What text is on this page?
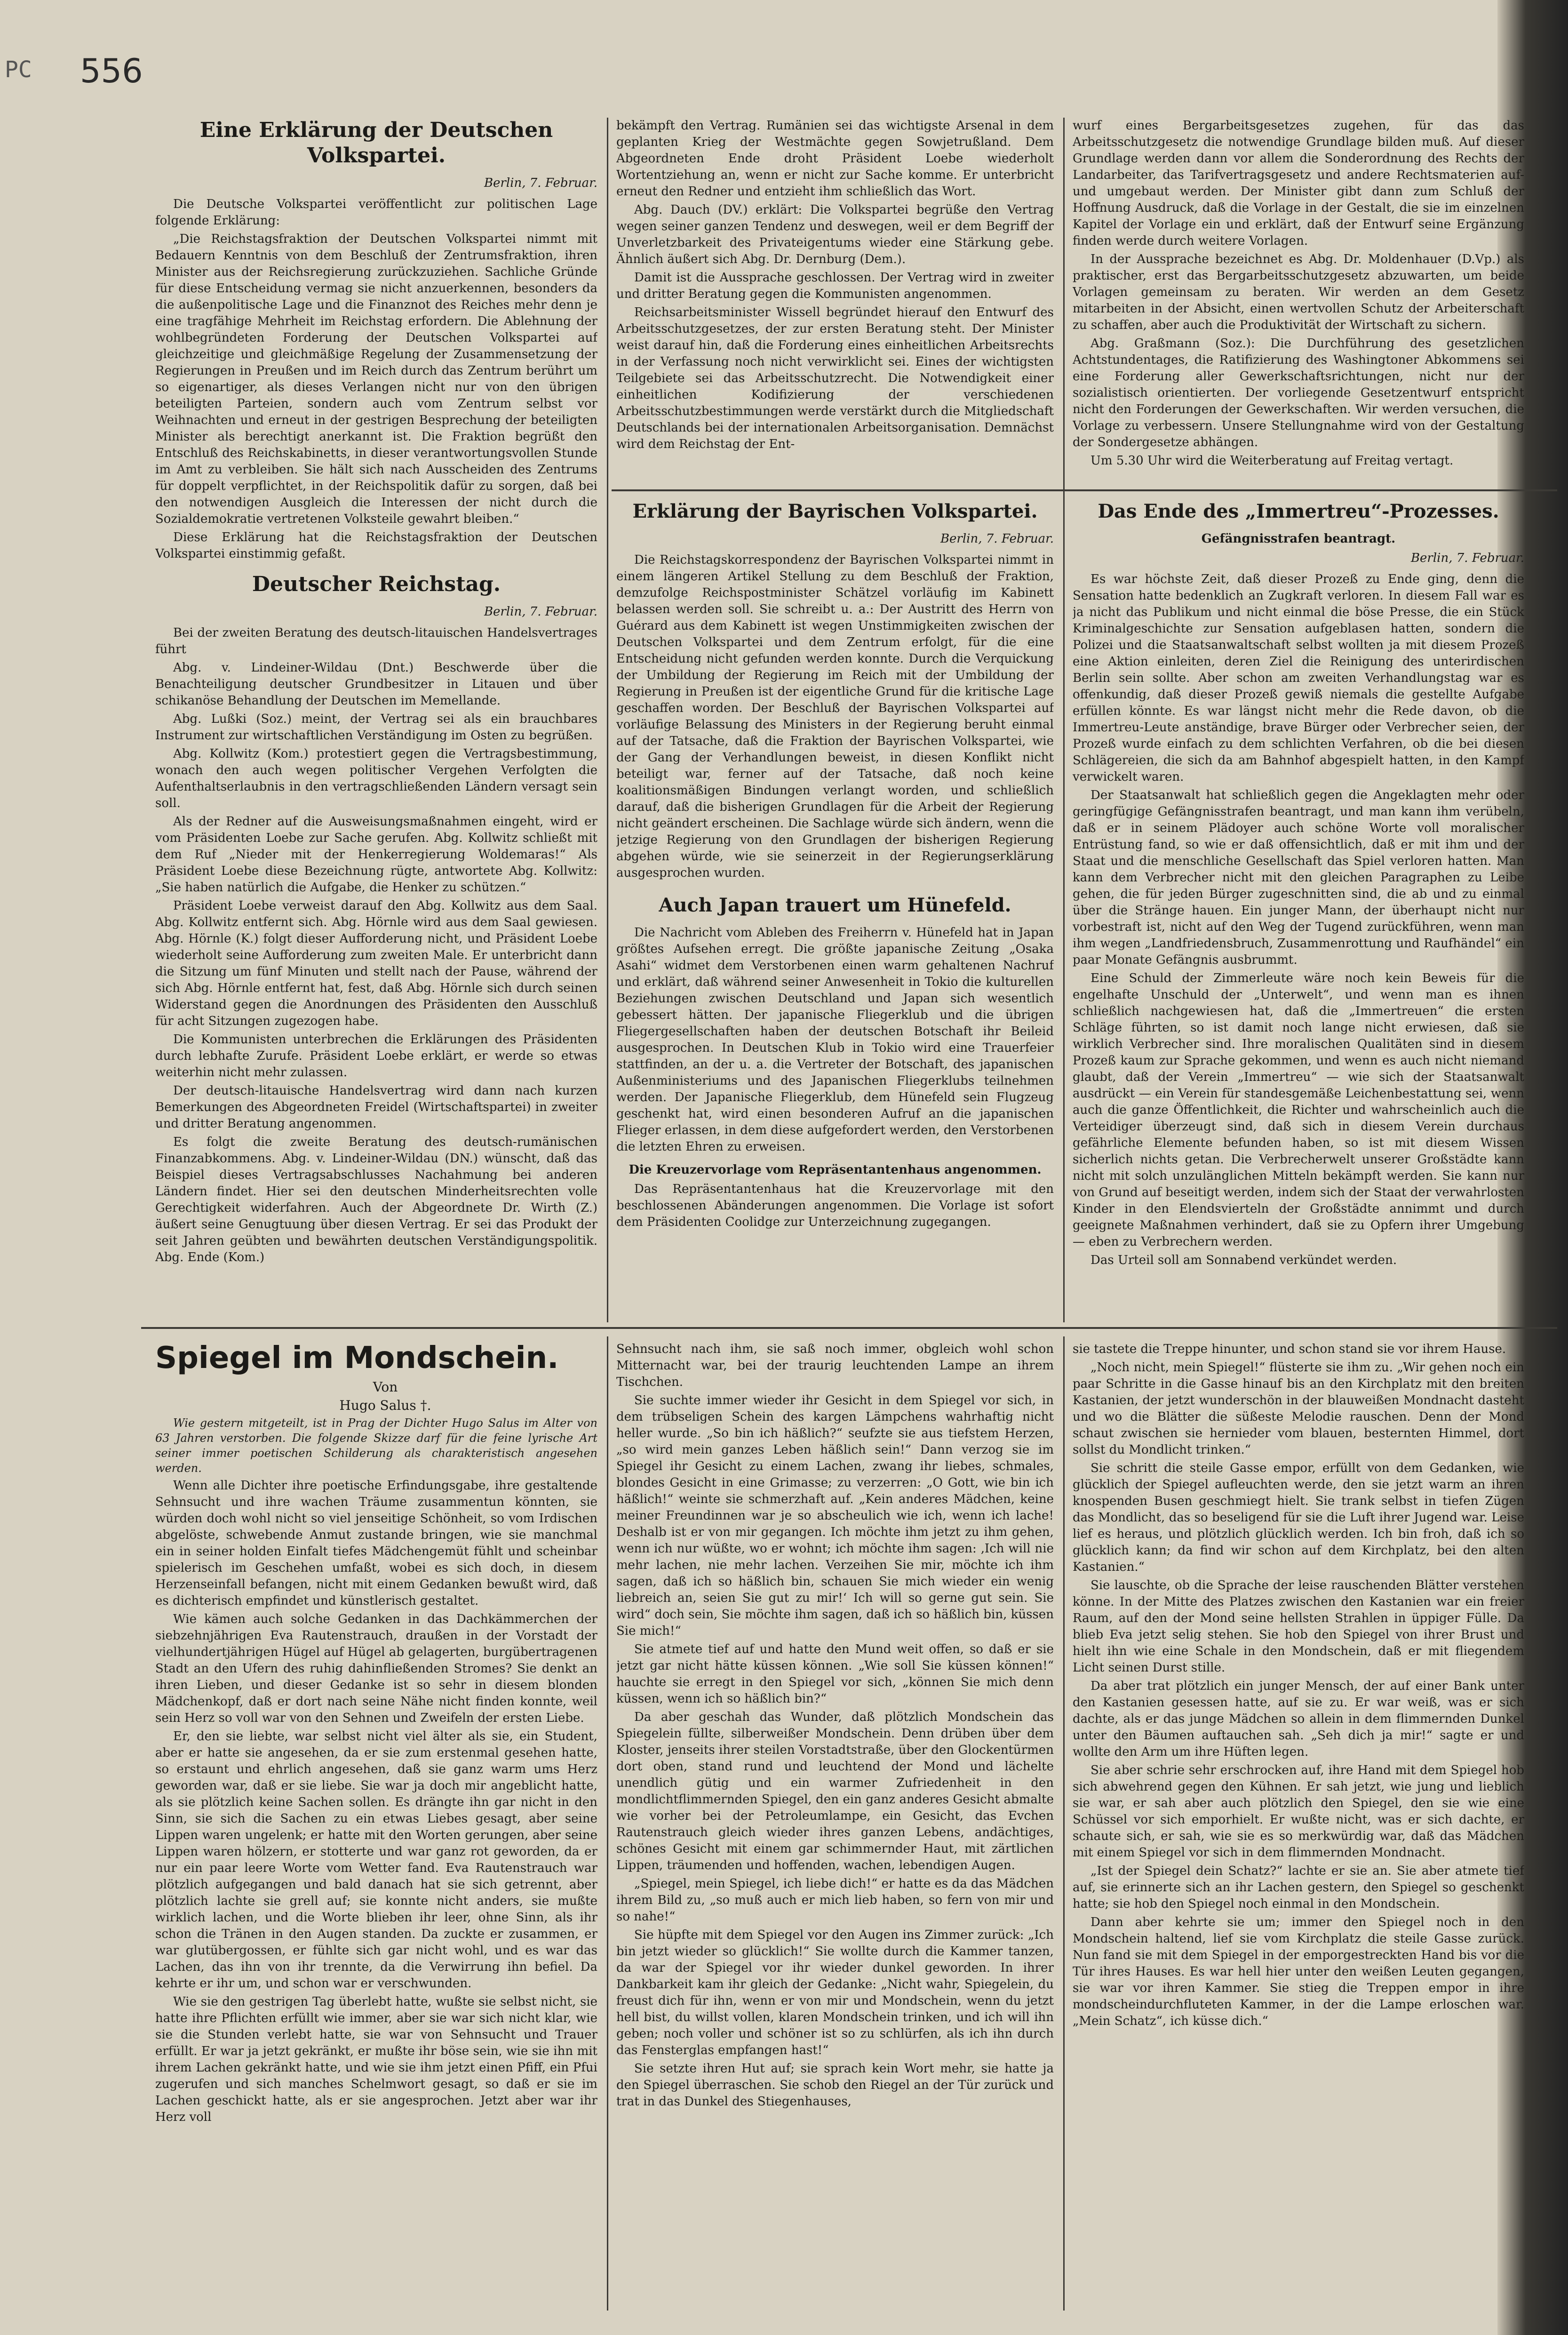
PC 556
Eine Erklärung der Deutschen Volkspartei.
Berlin, 7. Februar.

Die Deutsche Volkspartei veröffentlicht zur politischen Lage folgende Erklärung:

„Die Reichstagsfraktion der Deutschen Volkspartei nimmt mit Bedauern Kenntnis von dem Beschluß der Zentrumsfraktion, ihren Minister aus der Reichsregierung zurückzuziehen. Sachliche Gründe für diese Entscheidung vermag sie nicht anzuerkennen, besonders da die außenpolitische Lage und die Finanznot des Reiches mehr denn je eine tragfähige Mehrheit im Reichstag erfordern. Die Ablehnung der wohlbegründeten Forderung der Deutschen Volkspartei auf gleichzeitige und gleichmäßige Regelung der Zusammensetzung der Regierungen in Preußen und im Reich durch das Zentrum berührt um so eigenartiger, als dieses Verlangen nicht nur von den übrigen beteiligten Parteien, sondern auch vom Zentrum selbst vor Weihnachten und erneut in der gestrigen Besprechung der beteiligten Minister als berechtigt anerkannt ist. Die Fraktion begrüßt den Entschluß des Reichskabinetts, in dieser verantwortungsvollen Stunde im Amt zu verbleiben. Sie hält sich nach Ausscheiden des Zentrums für doppelt verpflichtet, in der Reichspolitik dafür zu sorgen, daß bei den notwendigen Ausgleich die Interessen der nicht durch die Sozialdemokratie vertretenen Volksteile gewahrt bleiben.“

Diese Erklärung hat die Reichstagsfraktion der Deutschen Volkspartei einstimmig gefaßt.

Deutscher Reichstag.
Berlin, 7. Februar.

Bei der zweiten Beratung des deutsch-litauischen Handelsvertrages führt

Abg. v. Lindeiner-Wildau (Dnt.) Beschwerde über die Benachteiligung deutscher Grundbesitzer in Litauen und über schikanöse Behandlung der Deutschen im Memellande.

Abg. Lußki (Soz.) meint, der Vertrag sei als ein brauchbares Instrument zur wirtschaftlichen Verständigung im Osten zu begrüßen.

Abg. Kollwitz (Kom.) protestiert gegen die Vertragsbestimmung, wonach den auch wegen politischer Vergehen Verfolgten die Aufenthaltserlaubnis in den vertragschließenden Ländern versagt sein soll.

Als der Redner auf die Ausweisungsmaßnahmen eingeht, wird er vom Präsidenten Loebe zur Sache gerufen. Abg. Kollwitz schließt mit dem Ruf „Nieder mit der Henkerregierung Woldemaras!“ Als Präsident Loebe diese Bezeichnung rügte, antwortete Abg. Kollwitz: „Sie haben natürlich die Aufgabe, die Henker zu schützen.“

Präsident Loebe verweist darauf den Abg. Kollwitz aus dem Saal. Abg. Kollwitz entfernt sich. Abg. Hörnle wird aus dem Saal gewiesen. Abg. Hörnle (K.) folgt dieser Aufforderung nicht, und Präsident Loebe wiederholt seine Aufforderung zum zweiten Male. Er unterbricht dann die Sitzung um fünf Minuten und stellt nach der Pause, während der sich Abg. Hörnle entfernt hat, fest, daß Abg. Hörnle sich durch seinen Widerstand gegen die Anordnungen des Präsidenten den Ausschluß für acht Sitzungen zugezogen habe.

Die Kommunisten unterbrechen die Erklärungen des Präsidenten durch lebhafte Zurufe. Präsident Loebe erklärt, er werde so etwas weiterhin nicht mehr zulassen.

Der deutsch-litauische Handelsvertrag wird dann nach kurzen Bemerkungen des Abgeordneten Freidel (Wirtschaftspartei) in zweiter und dritter Beratung angenommen.

Es folgt die zweite Beratung des deutsch-rumänischen Finanzabkommens. Abg. v. Lindeiner-Wildau (DN.) wünscht, daß das Beispiel dieses Vertragsabschlusses Nachahmung bei anderen Ländern findet. Hier sei den deutschen Minderheitsrechten volle Gerechtigkeit widerfahren. Auch der Abgeordnete Dr. Wirth (Z.) äußert seine Genugtuung über diesen Vertrag. Er sei das Produkt der seit Jahren geübten und bewährten deutschen Verständigungspolitik. Abg. Ende (Kom.)

bekämpft den Vertrag. Rumänien sei das wichtigste Arsenal in dem geplanten Krieg der Westmächte gegen Sowjetrußland. Dem Abgeordneten Ende droht Präsident Loebe wiederholt Wortentziehung an, wenn er nicht zur Sache komme. Er unterbricht erneut den Redner und entzieht ihm schließlich das Wort.

Abg. Dauch (DV.) erklärt: Die Volkspartei begrüße den Vertrag wegen seiner ganzen Tendenz und deswegen, weil er dem Begriff der Unverletzbarkeit des Privateigentums wieder eine Stärkung gebe. Ähnlich äußert sich Abg. Dr. Dernburg (Dem.).

Damit ist die Aussprache geschlossen. Der Vertrag wird in zweiter und dritter Beratung gegen die Kommunisten angenommen.

Reichsarbeitsminister Wissell begründet hierauf den Entwurf des Arbeitsschutzgesetzes, der zur ersten Beratung steht. Der Minister weist darauf hin, daß die Forderung eines einheitlichen Arbeitsrechts in der Verfassung noch nicht verwirklicht sei. Eines der wichtigsten Teilgebiete sei das Arbeitsschutzrecht. Die Notwendigkeit einer einheitlichen Kodifizierung der verschiedenen Arbeitsschutzbestimmungen werde verstärkt durch die Mitgliedschaft Deutschlands bei der internationalen Arbeitsorganisation. Demnächst wird dem Reichstag der Ent-

wurf eines Bergarbeitsgesetzes zugehen, für das das Arbeitsschutzgesetz die notwendige Grundlage bilden muß. Auf dieser Grundlage werden dann vor allem die Sonderordnung des Rechts der Landarbeiter, das Tarifvertragsgesetz und andere Rechtsmaterien auf- und umgebaut werden. Der Minister gibt dann zum Schluß der Hoffnung Ausdruck, daß die Vorlage in der Gestalt, die sie im einzelnen Kapitel der Vorlage ein und erklärt, daß der Entwurf seine Ergänzung finden werde durch weitere Vorlagen.

In der Aussprache bezeichnet es Abg. Dr. Moldenhauer (D.Vp.) als praktischer, erst das Bergarbeitsschutzgesetz abzuwarten, um beide Vorlagen gemeinsam zu beraten. Wir werden an dem Gesetz mitarbeiten in der Absicht, einen wertvollen Schutz der Arbeiterschaft zu schaffen, aber auch die Produktivität der Wirtschaft zu sichern.

Abg. Graßmann (Soz.): Die Durchführung des gesetzlichen Achtstundentages, die Ratifizierung des Washingtoner Abkommens sei eine Forderung aller Gewerkschaftsrichtungen, nicht nur der sozialistisch orientierten. Der vorliegende Gesetzentwurf entspricht nicht den Forderungen der Gewerkschaften. Wir werden versuchen, die Vorlage zu verbessern. Unsere Stellungnahme wird von der Gestaltung der Sondergesetze abhängen.

Um 5.30 Uhr wird die Weiterberatung auf Freitag vertagt.

Erklärung der Bayrischen Volkspartei.
Berlin, 7. Februar.

Die Reichstagskorrespondenz der Bayrischen Volkspartei nimmt in einem längeren Artikel Stellung zu dem Beschluß der Fraktion, demzufolge Reichspostminister Schätzel vorläufig im Kabinett belassen werden soll. Sie schreibt u. a.: Der Austritt des Herrn von Guérard aus dem Kabinett ist wegen Unstimmigkeiten zwischen der Deutschen Volkspartei und dem Zentrum erfolgt, für die eine Entscheidung nicht gefunden werden konnte. Durch die Verquickung der Umbildung der Regierung im Reich mit der Umbildung der Regierung in Preußen ist der eigentliche Grund für die kritische Lage geschaffen worden. Der Beschluß der Bayrischen Volkspartei auf vorläufige Belassung des Ministers in der Regierung beruht einmal auf der Tatsache, daß die Fraktion der Bayrischen Volkspartei, wie der Gang der Verhandlungen beweist, in diesen Konflikt nicht beteiligt war, ferner auf der Tatsache, daß noch keine koalitionsmäßigen Bindungen verlangt worden, und schließlich darauf, daß die bisherigen Grundlagen für die Arbeit der Regierung nicht geändert erscheinen. Die Sachlage würde sich ändern, wenn die jetzige Regierung von den Grundlagen der bisherigen Regierung abgehen würde, wie sie seinerzeit in der Regierungserklärung ausgesprochen wurden.

Auch Japan trauert um Hünefeld.

Die Nachricht vom Ableben des Freiherrn v. Hünefeld hat in Japan größtes Aufsehen erregt. Die größte japanische Zeitung „Osaka Asahi“ widmet dem Verstorbenen einen warm gehaltenen Nachruf und erklärt, daß während seiner Anwesenheit in Tokio die kulturellen Beziehungen zwischen Deutschland und Japan sich wesentlich gebessert hätten. Der japanische Fliegerklub und die übrigen Fliegergesellschaften haben der deutschen Botschaft ihr Beileid ausgesprochen. In Deutschen Klub in Tokio wird eine Trauerfeier stattfinden, an der u. a. die Vertreter der Botschaft, des japanischen Außenministeriums und des Japanischen Fliegerklubs teilnehmen werden. Der Japanische Fliegerklub, dem Hünefeld sein Flugzeug geschenkt hat, wird einen besonderen Aufruf an die japanischen Flieger erlassen, in dem diese aufgefordert werden, den Verstorbenen die letzten Ehren zu erweisen.

Die Kreuzervorlage vom Repräsentantenhaus angenommen.

Das Repräsentantenhaus hat die Kreuzervorlage mit den beschlossenen Abänderungen angenommen. Die Vorlage ist sofort dem Präsidenten Coolidge zur Unterzeichnung zugegangen.

Das Ende des „Immertreu“-Prozesses.
Gefängnisstrafen beantragt.
Berlin, 7. Februar.

Es war höchste Zeit, daß dieser Prozeß zu Ende ging, denn die Sensation hatte bedenklich an Zugkraft verloren. In diesem Fall war es ja nicht das Publikum und nicht einmal die böse Presse, die ein Stück Kriminalgeschichte zur Sensation aufgeblasen hatten, sondern die Polizei und die Staatsanwaltschaft selbst wollten ja mit diesem Prozeß eine Aktion einleiten, deren Ziel die Reinigung des unterirdischen Berlin sein sollte. Aber schon am zweiten Verhandlungstag war es offenkundig, daß dieser Prozeß gewiß niemals die gestellte Aufgabe erfüllen könnte. Es war längst nicht mehr die Rede davon, ob die Immertreu-Leute anständige, brave Bürger oder Verbrecher seien, der Prozeß wurde einfach zu dem schlichten Verfahren, ob die bei diesen Schlägereien, die sich da am Bahnhof abgespielt hatten, in den Kampf verwickelt waren.

Der Staatsanwalt hat schließlich gegen die Angeklagten mehr oder geringfügige Gefängnisstrafen beantragt, und man kann ihm verübeln, daß er in seinem Plädoyer auch schöne Worte voll moralischer Entrüstung fand, so wie er daß offensichtlich, daß er mit ihm und der Staat und die menschliche Gesellschaft das Spiel verloren hatten. Man kann dem Verbrecher nicht mit den gleichen Paragraphen zu Leibe gehen, die für jeden Bürger zugeschnitten sind, die ab und zu einmal über die Stränge hauen. Ein junger Mann, der überhaupt nicht nur vorbestraft ist, nicht auf den Weg der Tugend zurückführen, wenn man ihm wegen „Landfriedensbruch, Zusammenrottung und Raufhändel“ ein paar Monate Gefängnis ausbrummt.

Eine Schuld der Zimmerleute wäre noch kein Beweis für die engelhafte Unschuld der „Unterwelt“, und wenn man es ihnen schließlich nachgewiesen hat, daß die „Immertreuen“ die ersten Schläge führten, so ist damit noch lange nicht erwiesen, daß sie wirklich Verbrecher sind. Ihre moralischen Qualitäten sind in diesem Prozeß kaum zur Sprache gekommen, und wenn es auch nicht niemand glaubt, daß der Verein „Immertreu“ — wie sich der Staatsanwalt ausdrückt — ein Verein für standesgemäße Leichenbestattung sei, wenn auch die ganze Öffentlichkeit, die Richter und wahrscheinlich auch die Verteidiger überzeugt sind, daß sich in diesem Verein durchaus gefährliche Elemente befunden haben, so ist mit diesem Wissen sicherlich nichts getan. Die Verbrecherwelt unserer Großstädte kann nicht mit solch unzulänglichen Mitteln bekämpft werden. Sie kann nur von Grund auf beseitigt werden, indem sich der Staat der verwahrlosten Kinder in den Elendsvierteln der Großstädte annimmt und durch geeignete Maßnahmen verhindert, daß sie zu Opfern ihrer Umgebung — eben zu Verbrechern werden.

Das Urteil soll am Sonnabend verkündet werden.

Spiegel im Mondschein.

Von

Hugo Salus †.

Wie gestern mitgeteilt, ist in Prag der Dichter Hugo Salus im Alter von 63 Jahren verstorben. Die folgende Skizze darf für die feine lyrische Art seiner immer poetischen Schilderung als charakteristisch angesehen werden.

Wenn alle Dichter ihre poetische Erfindungsgabe, ihre gestaltende Sehnsucht und ihre wachen Träume zusammentun könnten, sie würden doch wohl nicht so viel jenseitige Schönheit, so vom Irdischen abgelöste, schwebende Anmut zustande bringen, wie sie manchmal ein in seiner holden Einfalt tiefes Mädchengemüt fühlt und scheinbar spielerisch im Geschehen umfaßt, wobei es sich doch, in diesem Herzenseinfall befangen, nicht mit einem Gedanken bewußt wird, daß es dichterisch empfindet und künstlerisch gestaltet.

Wie kämen auch solche Gedanken in das Dachkämmerchen der siebzehnjährigen Eva Rautenstrauch, draußen in der Vorstadt der vielhundertjährigen Hügel auf Hügel ab gelagerten, burgübertragenen Stadt an den Ufern des ruhig dahinfließenden Stromes? Sie denkt an ihren Lieben, und dieser Gedanke ist so sehr in diesem blonden Mädchenkopf, daß er dort nach seine Nähe nicht finden konnte, weil sein Herz so voll war von den Sehnen und Zweifeln der ersten Liebe.

Er, den sie liebte, war selbst nicht viel älter als sie, ein Student, aber er hatte sie angesehen, da er sie zum erstenmal gesehen hatte, so erstaunt und ehrlich angesehen, daß sie ganz warm ums Herz geworden war, daß er sie liebe. Sie war ja doch mir angeblicht hatte, als sie plötzlich keine Sachen sollen. Es drängte ihn gar nicht in den Sinn, sie sich die Sachen zu ein etwas Liebes gesagt, aber seine Lippen waren ungelenk; er hatte mit den Worten gerungen, aber seine Lippen waren hölzern, er stotterte und war ganz rot geworden, da er nur ein paar leere Worte vom Wetter fand. Eva Rautenstrauch war plötzlich aufgegangen und bald danach hat sie sich getrennt, aber plötzlich lachte sie grell auf; sie konnte nicht anders, sie mußte wirklich lachen, und die Worte blieben ihr leer, ohne Sinn, als ihr schon die Tränen in den Augen standen. Da zuckte er zusammen, er war glutübergossen, er fühlte sich gar nicht wohl, und es war das Lachen, das ihn von ihr trennte, da die Verwirrung ihn befiel. Da kehrte er ihr um, und schon war er verschwunden.

Wie sie den gestrigen Tag überlebt hatte, wußte sie selbst nicht, sie hatte ihre Pflichten erfüllt wie immer, aber sie war sich nicht klar, wie sie die Stunden verlebt hatte, sie war von Sehnsucht und Trauer erfüllt. Er war ja jetzt gekränkt, er mußte ihr böse sein, wie sie ihn mit ihrem Lachen gekränkt hatte, und wie sie ihm jetzt einen Pfiff, ein Pfui zugerufen und sich manches Schelmwort gesagt, so daß er sie im Lachen geschickt hatte, als er sie angesprochen. Jetzt aber war ihr Herz voll

Sehnsucht nach ihm, sie saß noch immer, obgleich wohl schon Mitternacht war, bei der traurig leuchtenden Lampe an ihrem Tischchen.

Sie suchte immer wieder ihr Gesicht in dem Spiegel vor sich, in dem trübseligen Schein des kargen Lämpchens wahrhaftig nicht heller wurde. „So bin ich häßlich?“ seufzte sie aus tiefstem Herzen, „so wird mein ganzes Leben häßlich sein!“ Dann verzog sie im Spiegel ihr Gesicht zu einem Lachen, zwang ihr liebes, schmales, blondes Gesicht in eine Grimasse; zu verzerren: „O Gott, wie bin ich häßlich!“ weinte sie schmerzhaft auf. „Kein anderes Mädchen, keine meiner Freundinnen war je so abscheulich wie ich, wenn ich lache! Deshalb ist er von mir gegangen. Ich möchte ihm jetzt zu ihm gehen, wenn ich nur wüßte, wo er wohnt; ich möchte ihm sagen: ‚Ich will nie mehr lachen, nie mehr lachen. Verzeihen Sie mir, möchte ich ihm sagen, daß ich so häßlich bin, schauen Sie mich wieder ein wenig liebreich an, seien Sie gut zu mir!‘ Ich will so gerne gut sein. Sie wird“ doch sein, Sie möchte ihm sagen, daß ich so häßlich bin, küssen Sie mich!“

Sie atmete tief auf und hatte den Mund weit offen, so daß er sie jetzt gar nicht hätte küssen können. „Wie soll Sie küssen können!“ hauchte sie erregt in den Spiegel vor sich, „können Sie mich denn küssen, wenn ich so häßlich bin?“

Da aber geschah das Wunder, daß plötzlich Mondschein das Spiegelein füllte, silberweißer Mondschein. Denn drüben über dem Kloster, jenseits ihrer steilen Vorstadtstraße, über den Glockentürmen dort oben, stand rund und leuchtend der Mond und lächelte unendlich gütig und ein warmer Zufriedenheit in den mondlichtflimmernden Spiegel, den ein ganz anderes Gesicht abmalte wie vorher bei der Petroleumlampe, ein Gesicht, das Evchen Rautenstrauch gleich wieder ihres ganzen Lebens, andächtiges, schönes Gesicht mit einem gar schimmernder Haut, mit zärtlichen Lippen, träumenden und hoffenden, wachen, lebendigen Augen.

„Spiegel, mein Spiegel, ich liebe dich!“ er hatte es da das Mädchen ihrem Bild zu, „so muß auch er mich lieb haben, so fern von mir und so nahe!“

Sie hüpfte mit dem Spiegel vor den Augen ins Zimmer zurück: „Ich bin jetzt wieder so glücklich!“ Sie wollte durch die Kammer tanzen, da war der Spiegel vor ihr wieder dunkel geworden. In ihrer Dankbarkeit kam ihr gleich der Gedanke: „Nicht wahr, Spiegelein, du freust dich für ihn, wenn er von mir und Mondschein, wenn du jetzt hell bist, du willst vollen, klaren Mondschein trinken, und ich will ihn geben; noch voller und schöner ist so zu schlürfen, als ich ihn durch das Fensterglas empfangen hast!“

Sie setzte ihren Hut auf; sie sprach kein Wort mehr, sie hatte ja den Spiegel überraschen. Sie schob den Riegel an der Tür zurück und trat in das Dunkel des Stiegenhauses,

sie tastete die Treppe hinunter, und schon stand sie vor ihrem Hause.

„Noch nicht, mein Spiegel!“ flüsterte sie ihm zu. „Wir gehen noch ein paar Schritte in die Gasse hinauf bis an den Kirchplatz mit den breiten Kastanien, der jetzt wunderschön in der blauweißen Mondnacht dasteht und wo die Blätter die süßeste Melodie rauschen. Denn der Mond schaut zwischen sie hernieder vom blauen, besternten Himmel, dort sollst du Mondlicht trinken.“

Sie schritt die steile Gasse empor, erfüllt von dem Gedanken, wie glücklich der Spiegel aufleuchten werde, den sie jetzt warm an ihren knospenden Busen geschmiegt hielt. Sie trank selbst in tiefen Zügen das Mondlicht, das so beseligend für sie die Luft ihrer Jugend war. Leise lief es heraus, und plötzlich glücklich werden. Ich bin froh, daß ich so glücklich kann; da find wir schon auf dem Kirchplatz, bei den alten Kastanien.“

Sie lauschte, ob die Sprache der leise rauschenden Blätter verstehen könne. In der Mitte des Platzes zwischen den Kastanien war ein freier Raum, auf den der Mond seine hellsten Strahlen in üppiger Fülle. Da blieb Eva jetzt selig stehen. Sie hob den Spiegel von ihrer Brust und hielt ihn wie eine Schale in den Mondschein, daß er mit fliegendem Licht seinen Durst stille.

Da aber trat plötzlich ein junger Mensch, der auf einer Bank unter den Kastanien gesessen hatte, auf sie zu. Er war weiß, was er sich dachte, als er das junge Mädchen so allein in dem flimmernden Dunkel unter den Bäumen auftauchen sah. „Seh dich ja mir!“ sagte er und wollte den Arm um ihre Hüften legen.

Sie aber schrie sehr erschrocken auf, ihre Hand mit dem Spiegel hob sich abwehrend gegen den Kühnen. Er sah jetzt, wie jung und lieblich sie war, er sah aber auch plötzlich den Spiegel, den sie wie eine Schüssel vor sich emporhielt. Er wußte nicht, was er sich dachte, er schaute sich, er sah, wie sie es so merkwürdig war, daß das Mädchen mit einem Spiegel vor sich in dem flimmernden Mondnacht.

„Ist der Spiegel dein Schatz?“ lachte er sie an. Sie aber atmete tief auf, sie erinnerte sich an ihr Lachen gestern, den Spiegel so geschenkt hatte; sie hob den Spiegel noch einmal in den Mondschein.

Dann aber kehrte sie um; immer den Spiegel noch in den Mondschein haltend, lief sie vom Kirchplatz die steile Gasse zurück. Nun fand sie mit dem Spiegel in der emporgestreckten Hand bis vor die Tür ihres Hauses. Es war hell hier unter den weißen Leuten gegangen, sie war vor ihren Kammer. Sie stieg die Treppen empor in ihre mondscheindurchfluteten Kammer, in der die Lampe erloschen war. „Mein Schatz“, ich küsse dich.“
